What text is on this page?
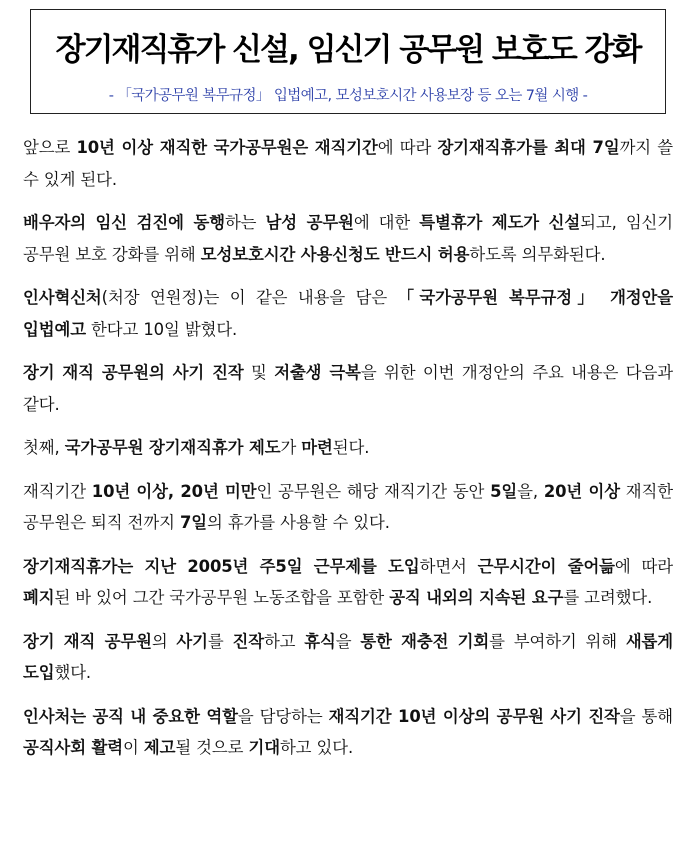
장기재직휴가 신설, 임신기 공무원 보호도 강화
- 「국가공무원 복무규정」 입법예고, 모성보호시간 사용보장 등 오는 7월 시행 -

앞으로 10년 이상 재직한 국가공무원은 재직기간에 따라 장기재직휴가를 최대 7일까지 쓸 수 있게 된다.

배우자의 임신 검진에 동행하는 남성 공무원에 대한 특별휴가 제도가 신설되고, 임신기 공무원 보호 강화를 위해 모성보호시간 사용신청도 반드시 허용하도록 의무화된다.

인사혁신처(처장 연원정)는 이 같은 내용을 담은 「국가공무원 복무규정」 개정안을 입법예고 한다고 10일 밝혔다.

장기 재직 공무원의 사기 진작 및 저출생 극복을 위한 이번 개정안의 주요 내용은 다음과 같다.

첫째, 국가공무원 장기재직휴가 제도가 마련된다.

재직기간 10년 이상, 20년 미만인 공무원은 해당 재직기간 동안 5일을, 20년 이상 재직한 공무원은 퇴직 전까지 7일의 휴가를 사용할 수 있다.

장기재직휴가는 지난 2005년 주5일 근무제를 도입하면서 근무시간이 줄어듦에 따라 폐지된 바 있어 그간 국가공무원 노동조합을 포함한 공직 내외의 지속된 요구를 고려했다.

장기 재직 공무원의 사기를 진작하고 휴식을 통한 재충전 기회를 부여하기 위해 새롭게 도입했다.

인사처는 공직 내 중요한 역할을 담당하는 재직기간 10년 이상의 공무원 사기 진작을 통해 공직사회 활력이 제고될 것으로 기대하고 있다.
